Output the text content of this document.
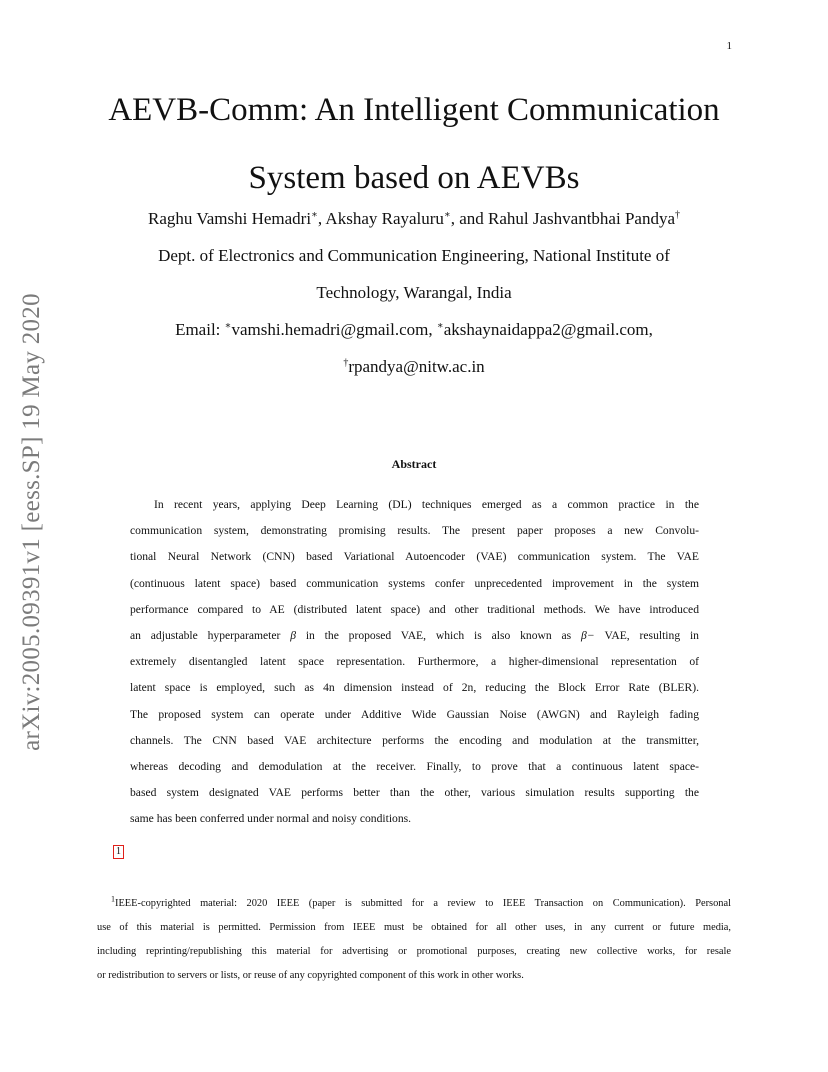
1
arXiv:2005.09391v1 [eess.SP] 19 May 2020
AEVB-Comm: An Intelligent Communication
System based on AEVBs
Raghu Vamshi Hemadri∗, Akshay Rayaluru∗, and Rahul Jashvantbhai Pandya†
Dept. of Electronics and Communication Engineering, National Institute of
Technology, Warangal, India
Email: ∗vamshi.hemadri@gmail.com, ∗akshaynaidappa2@gmail.com,
†rpandya@nitw.ac.in
Abstract
In recent years, applying Deep Learning (DL) techniques emerged as a common practice in the
communication system, demonstrating promising results. The present paper proposes a new Convolu-
tional Neural Network (CNN) based Variational Autoencoder (VAE) communication system. The VAE
(continuous latent space) based communication systems confer unprecedented improvement in the system
performance compared to AE (distributed latent space) and other traditional methods. We have introduced
an adjustable hyperparameter β in the proposed VAE, which is also known as β− VAE, resulting in
extremely disentangled latent space representation. Furthermore, a higher-dimensional representation of
latent space is employed, such as 4n dimension instead of 2n, reducing the Block Error Rate (BLER).
The proposed system can operate under Additive Wide Gaussian Noise (AWGN) and Rayleigh fading
channels. The CNN based VAE architecture performs the encoding and modulation at the transmitter,
whereas decoding and demodulation at the receiver. Finally, to prove that a continuous latent space-
based system designated VAE performs better than the other, various simulation results supporting the
same has been conferred under normal and noisy conditions.
1
$^1$IEEE-copyrighted material: 2020 IEEE (paper is submitted for a review to IEEE Transaction on Communication). Personal
use of this material is permitted. Permission from IEEE must be obtained for all other uses, in any current or future media,
including reprinting/republishing this material for advertising or promotional purposes, creating new collective works, for resale
or redistribution to servers or lists, or reuse of any copyrighted component of this work in other works.
